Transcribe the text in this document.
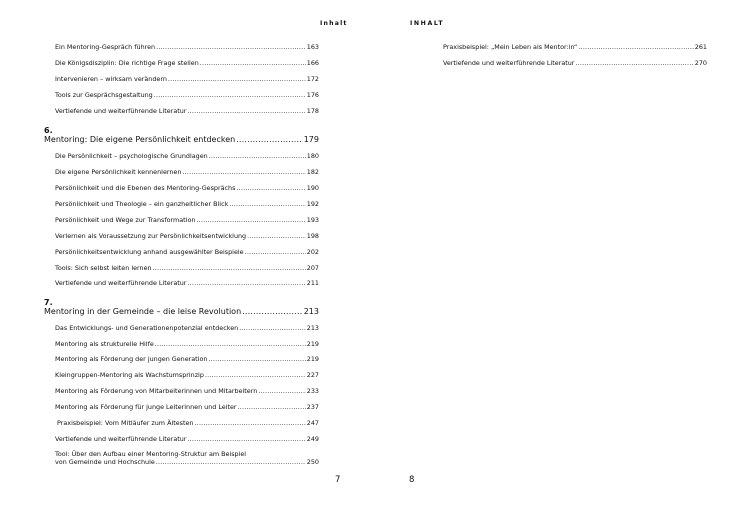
Inhalt
Ein Mentoring-Gespräch führen .....	163
Die Königsdisziplin: Die richtige Frage stellen .....	166
Intervenieren – wirksam verändern .....	172
Tools zur Gesprächsgestaltung .....	176
Vertiefende und weiterführende Literatur .....	178
6.
Mentoring: Die eigene Persönlichkeit entdecken .....	179
Die Persönlichkeit – psychologische Grundlagen .....	180
Die eigene Persönlichkeit kennenlernen .....	182
Persönlichkeit und die Ebenen des Mentoring-Gesprächs .....	190
Persönlichkeit und Theologie – ein ganzheitlicher Blick .....	192
Persönlichkeit und Wege zur Transformation .....	193
Verlernen als Voraussetzung zur Persönlichkeitsentwicklung .....	198
Persönlichkeitsentwicklung anhand ausgewählter Beispiele .....	202
Tools: Sich selbst leiten lernen .....	207
Vertiefende und weiterführende Literatur .....	211
7.
Mentoring in der Gemeinde – die leise Revolution .....	213
Das Entwicklungs- und Generationenpotenzial entdecken .....	213
Mentoring als strukturelle Hilfe .....	219
Mentoring als Förderung der jungen Generation .....	219
Kleingruppen-Mentoring als Wachstumsprinzip .....	227
Mentoring als Förderung von Mitarbeiterinnen und Mitarbeitern .....	233
Mentoring als Förderung für junge Leiterinnen und Leiter .....	237
Praxisbeispiel: Vom Mitläufer zum Ältesten .....	247
Vertiefende und weiterführende Literatur .....	249
Tool: Über den Aufbau einer Mentoring-Struktur am Beispiel
von Gemeinde und Hochschule .....	250
7
INHALT
Praxisbeispiel: „Mein Leben als Mentor:in“ .....	261
Vertiefende und weiterführende Literatur .....	270
8
